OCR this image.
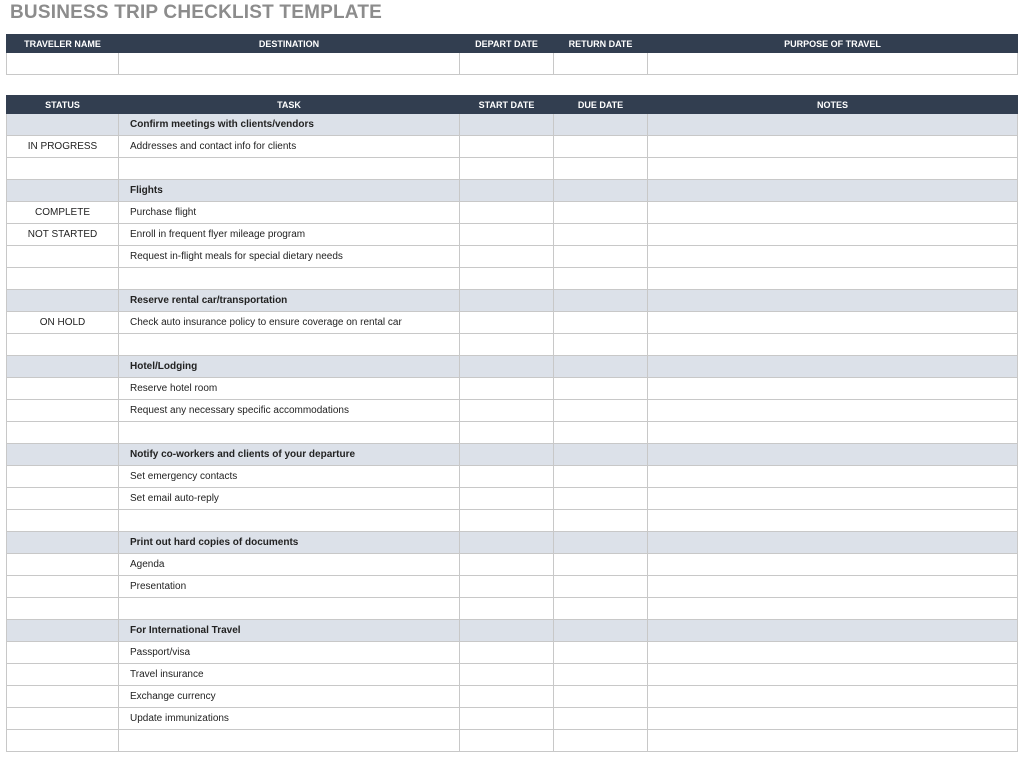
BUSINESS TRIP CHECKLIST TEMPLATE
TRAVELER NAME	DESTINATION	DEPART DATE	RETURN DATE	PURPOSE OF TRAVEL

STATUS	TASK	START DATE	DUE DATE	NOTES
	Confirm meetings with clients/vendors			
IN PROGRESS	Addresses and contact info for clients			

	Flights			
COMPLETE	Purchase flight			
NOT STARTED	Enroll in frequent flyer mileage program			
	Request in-flight meals for special dietary needs			

	Reserve rental car/transportation			
ON HOLD	Check auto insurance policy to ensure coverage on rental car			

	Hotel/Lodging			
	Reserve hotel room			
	Request any necessary specific accommodations			

	Notify co-workers and clients of your departure			
	Set emergency contacts			
	Set email auto-reply			

	Print out hard copies of documents			
	Agenda			
	Presentation			

	For International Travel			
	Passport/visa			
	Travel insurance			
	Exchange currency			
	Update immunizations			
